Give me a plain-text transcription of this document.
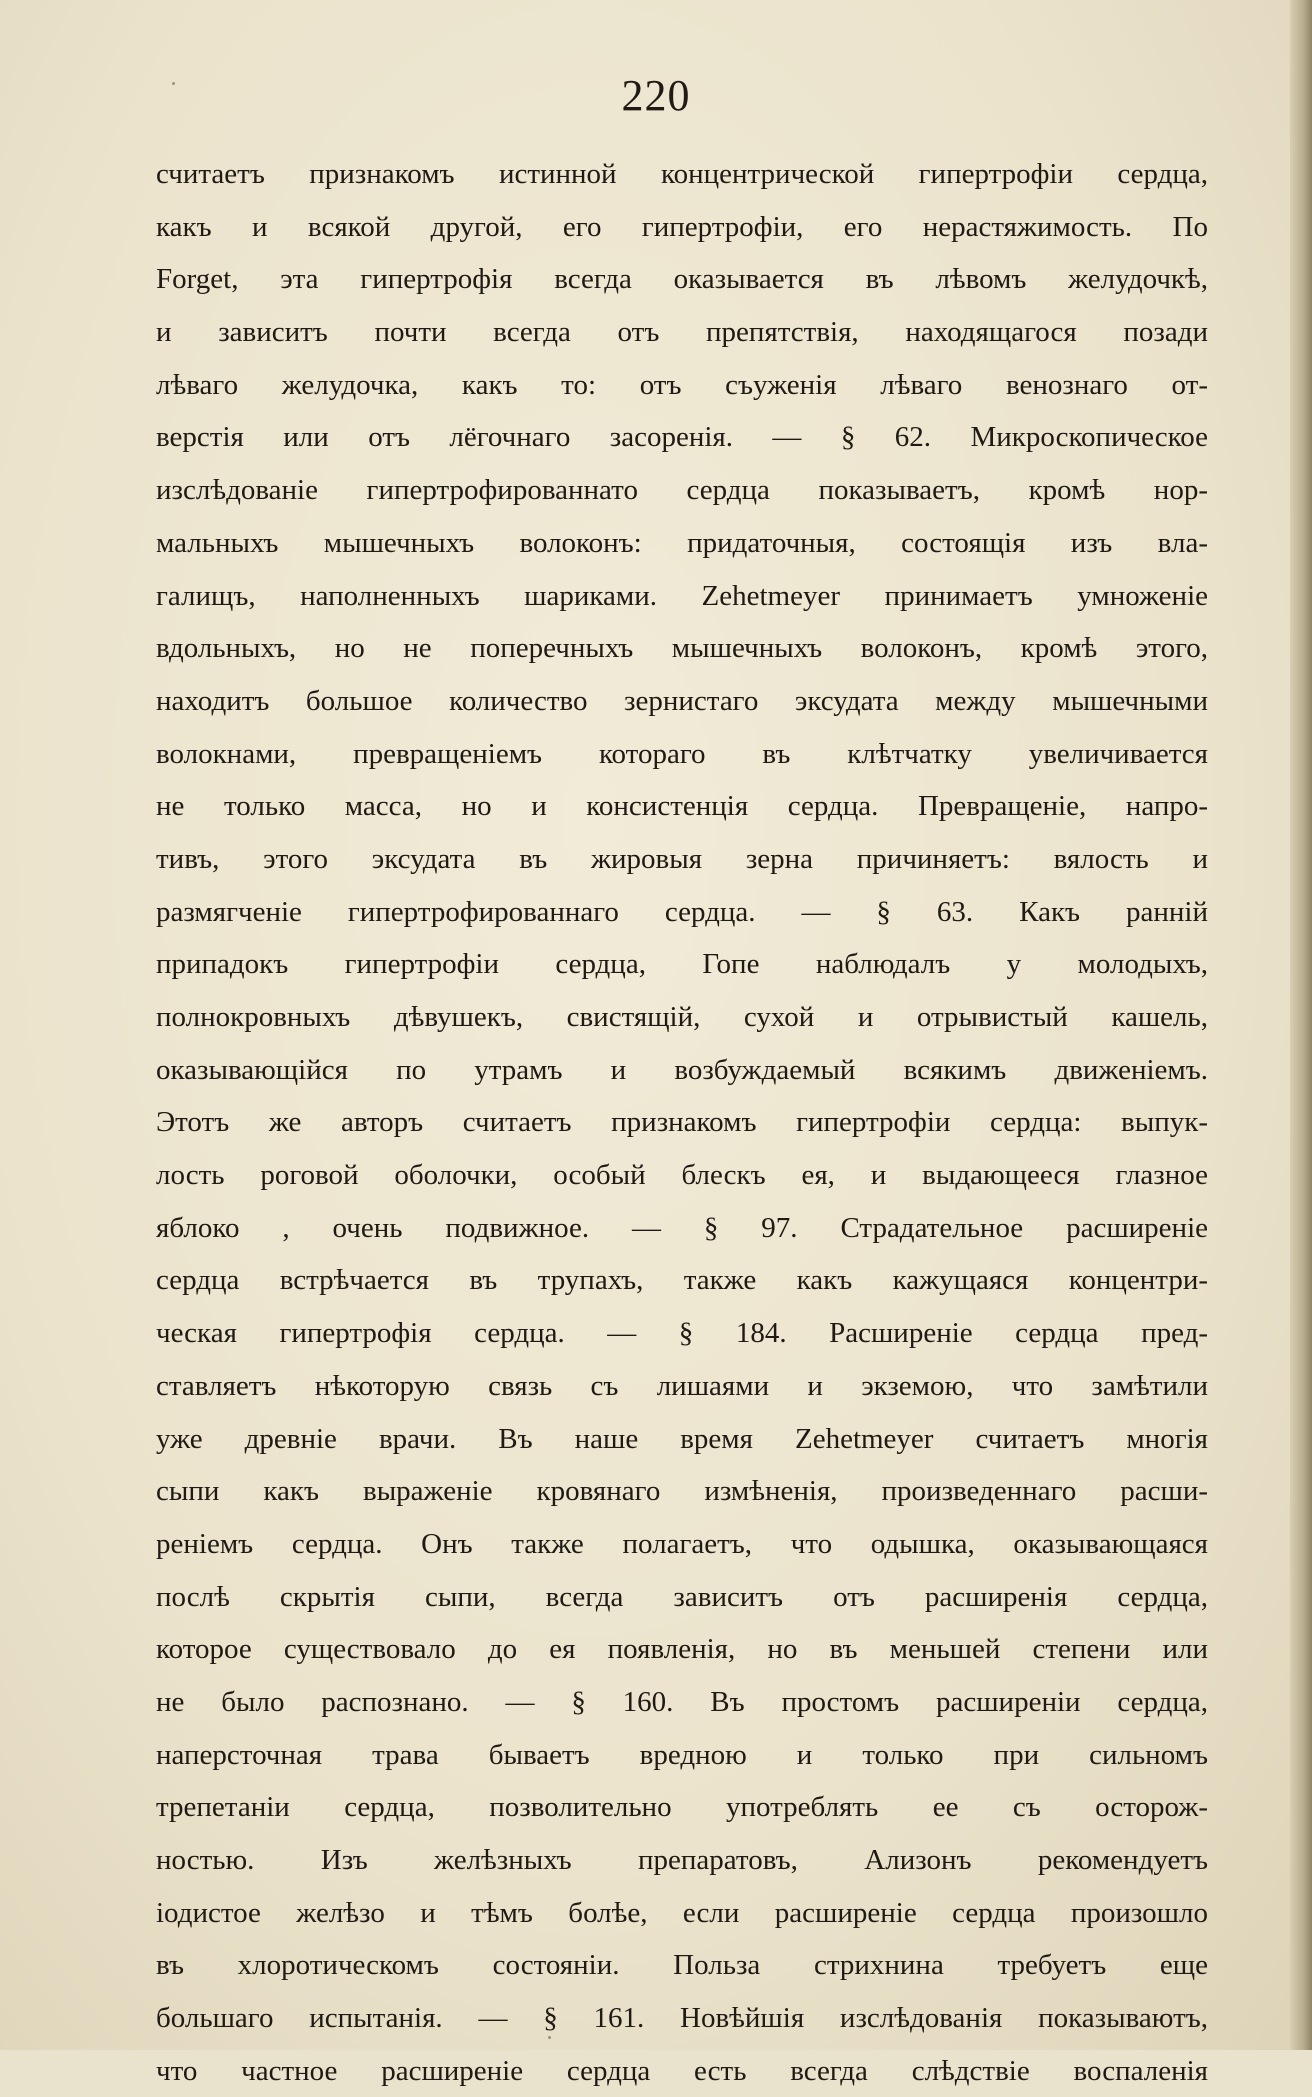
220
считаетъ признакомъ истинной концентрической гипертрофіи сердца,
какъ и всякой другой, его гипертрофіи, его нерастяжимость. По
Forget, эта гипертрофія всегда оказывается въ лѣвомъ желудочкѣ,
и зависитъ почти всегда отъ препятствія, находящагося позади
лѣваго желудочка, какъ то: отъ съуженія лѣваго венознаго от-
верстія или отъ лёгочнаго засоренія. — § 62. Микроскопическое
изслѣдованіе гипертрофированнато сердца показываетъ, кромѣ нор-
мальныхъ мышечныхъ волоконъ: придаточныя, состоящія изъ вла-
галищъ, наполненныхъ шариками. Zehetmeyer принимаетъ умноженіе
вдольныхъ, но не поперечныхъ мышечныхъ волоконъ, кромѣ этого,
находитъ большое количество зернистаго эксудата между мышечными
волокнами, превращеніемъ котораго въ клѣтчатку увеличивается
не только масса, но и консистенція сердца. Превращеніе, напро-
тивъ, этого эксудата въ жировыя зерна причиняетъ: вялость и
размягченіе гипертрофированнаго сердца. — § 63. Какъ ранній
припадокъ гипертрофіи сердца, Гопе наблюдалъ у молодыхъ,
полнокровныхъ дѣвушекъ, свистящій, сухой и отрывистый кашель,
оказывающійся по утрамъ и возбуждаемый всякимъ движеніемъ.
Этотъ же авторъ считаетъ признакомъ гипертрофіи сердца: выпук-
лость роговой оболочки, особый блескъ ея, и выдающееся глазное
яблоко , очень подвижное. — § 97. Страдательное расширеніе
сердца встрѣчается въ трупахъ, также какъ кажущаяся концентри-
ческая гипертрофія сердца. — § 184. Расширеніе сердца пред-
ставляетъ нѣкоторую связь съ лишаями и экземою, что замѣтили
уже древніе врачи. Въ наше время Zehetmeyer считаетъ многія
сыпи какъ выраженіе кровянаго измѣненія, произведеннаго расши-
реніемъ сердца. Онъ также полагаетъ, что одышка, оказывающаяся
послѣ скрытія сыпи, всегда зависитъ отъ расширенія сердца,
которое существовало до ея появленія, но въ меньшей степени или
не было распознано. — § 160. Въ простомъ расширеніи сердца,
наперсточная трава бываетъ вредною и только при сильномъ
трепетаніи сердца, позволительно употреблять ее съ осторож-
ностью. Изъ желѣзныхъ препаратовъ, Ализонъ рекомендуетъ
іодистое желѣзо и тѣмъ болѣе, если расширеніе сердца произошло
въ хлоротическомъ состояніи. Польза стрихнина требуетъ еще
большаго испытанія. — § 161. Новѣйшія изслѣдованія показываютъ,
что частное расширеніе сердца есть всегда слѣдствіе воспаленія
